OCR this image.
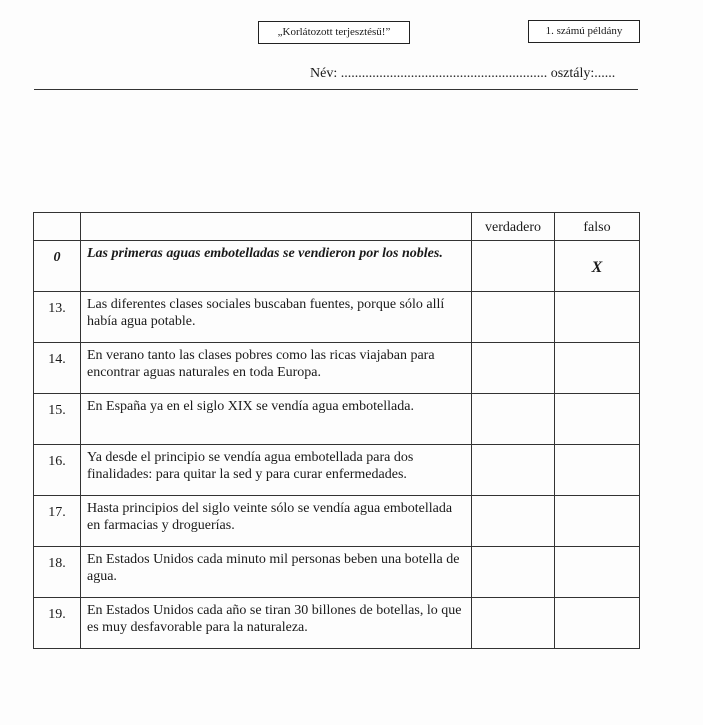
„Korlátozott terjesztésű!”	1. számú példány
Név: ........................................................... osztály:......
		verdadero	falso
0	Las primeras aguas embotelladas se vendieron por los nobles.		X
13.	Las diferentes clases sociales buscaban fuentes, porque sólo allí había agua potable.		
14.	En verano tanto las clases pobres como las ricas viajaban para encontrar aguas naturales en toda Europa.		
15.	En España ya en el siglo XIX se vendía agua embotellada.		
16.	Ya desde el principio se vendía agua embotellada para dos finalidades: para quitar la sed y para curar enfermedades.		
17.	Hasta principios del siglo veinte sólo se vendía agua embotellada en farmacias y droguerías.		
18.	En Estados Unidos cada minuto mil personas beben una botella de agua.		
19.	En Estados Unidos cada año se tiran 30 billones de botellas, lo que es muy desfavorable para la naturaleza.		
